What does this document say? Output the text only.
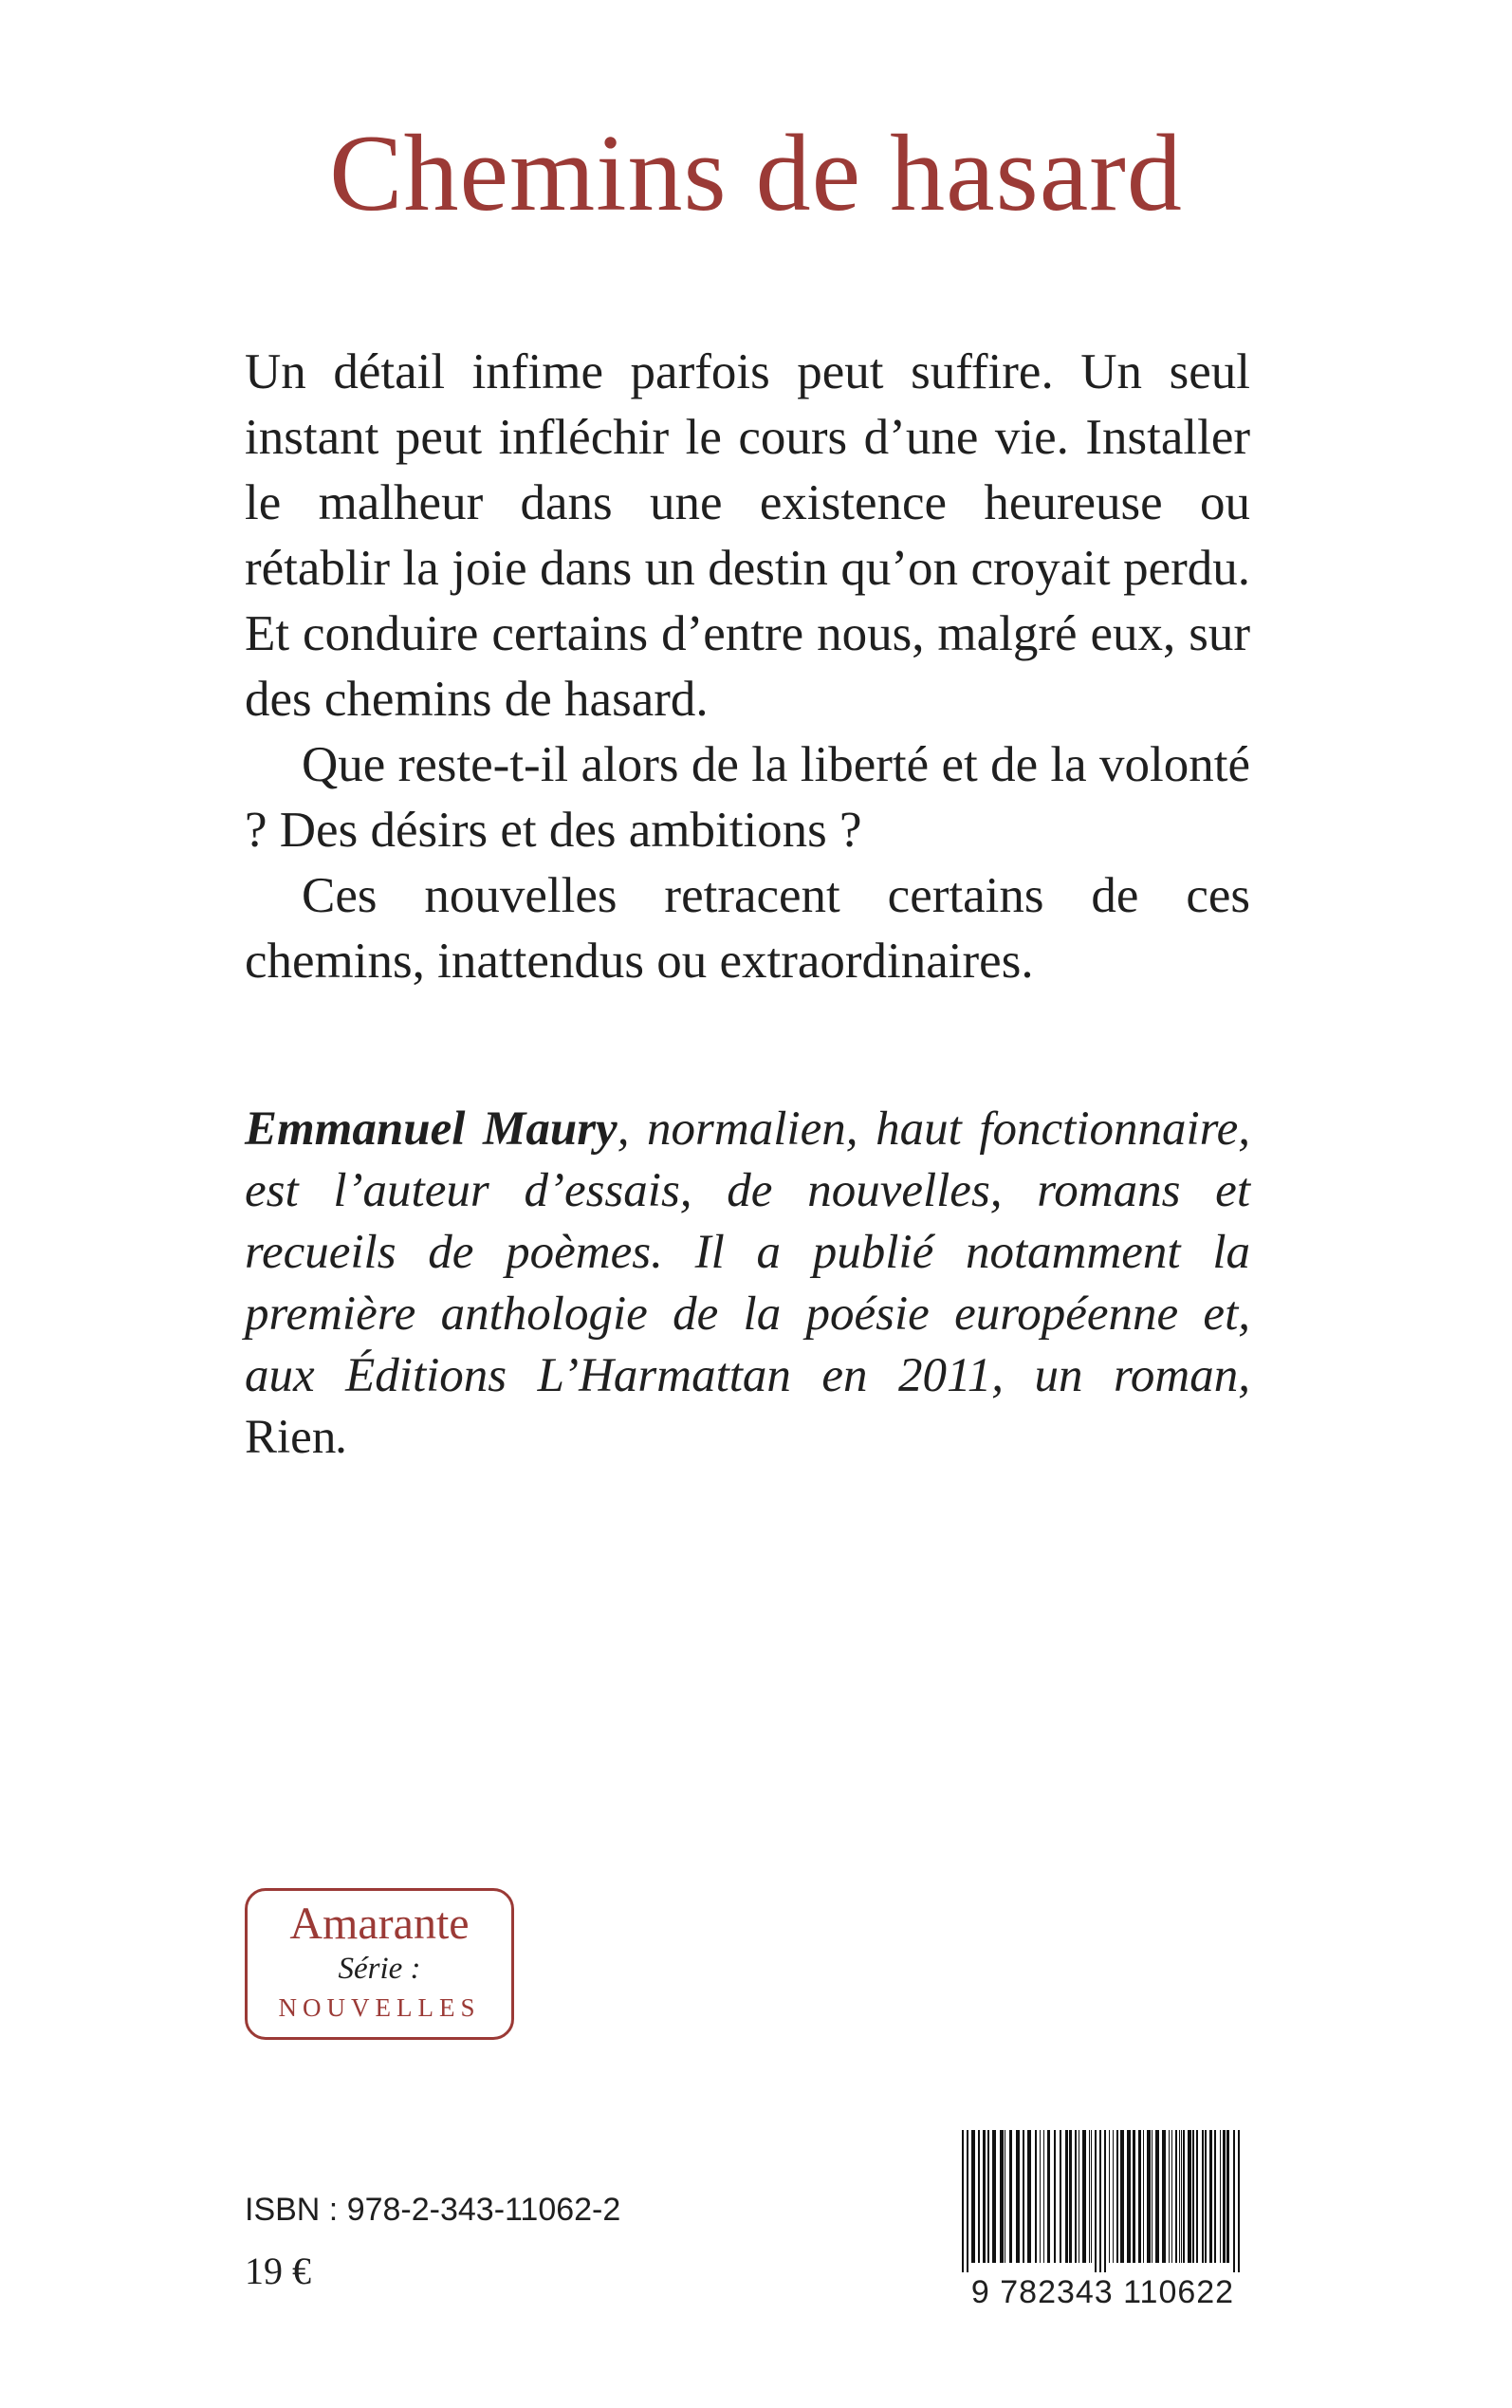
Chemins de hasard

Un détail infime parfois peut suffire. Un seul instant peut infléchir le cours d’une vie. Installer le malheur dans une existence heureuse ou rétablir la joie dans un destin qu’on croyait perdu. Et conduire certains d’entre nous, malgré eux, sur des chemins de hasard.

Que reste-t-il alors de la liberté et de la volonté ? Des désirs et des ambitions ?

Ces nouvelles retracent certains de ces chemins, inattendus ou extraordinaires.

Emmanuel Maury, normalien, haut fonctionnaire, est l’auteur d’essais, de nouvelles, romans et recueils de poèmes. Il a publié notamment la première anthologie de la poésie européenne et, aux Éditions L’Harmattan en 2011, un roman, Rien.
Amarante
Série :
NOUVELLES
ISBN : 978-2-343-11062-2
19 €	9 782343 110622
